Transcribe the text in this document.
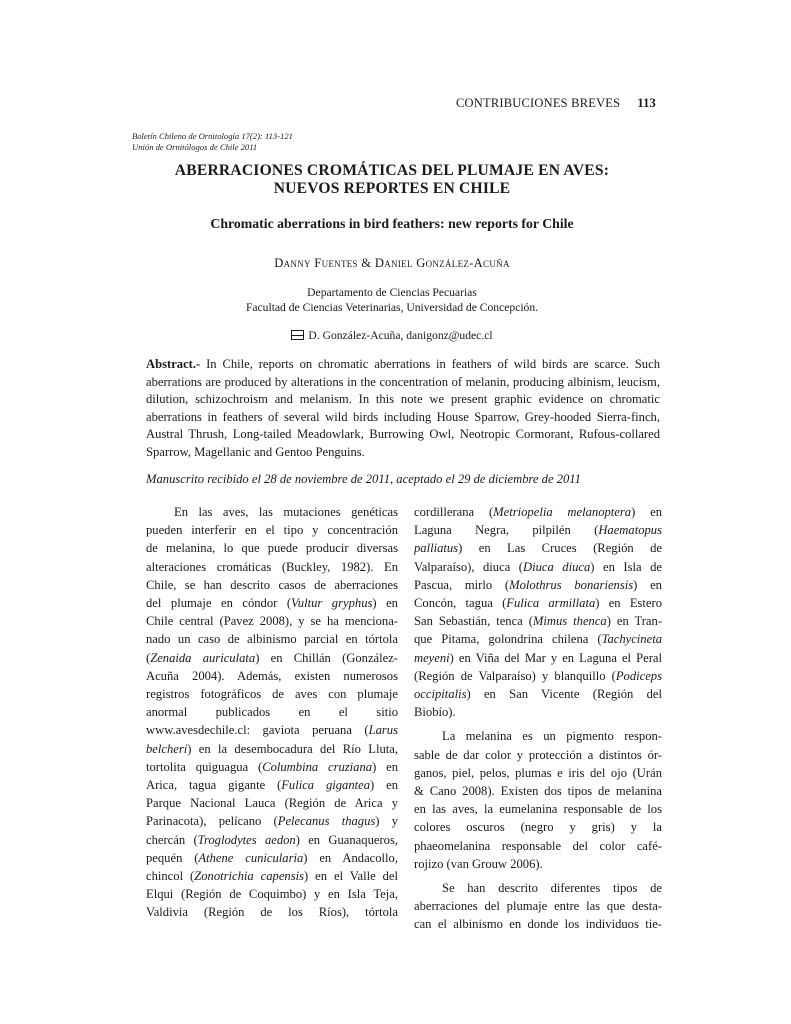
CONTRIBUCIONES BREVES 113
Boletín Chileno de Ornitología 17(2): 113-121
Unión de Ornitólogos de Chile 2011
ABERRACIONES CROMÁTICAS DEL PLUMAJE EN AVES:
NUEVOS REPORTES EN CHILE
Chromatic aberrations in bird feathers: new reports for Chile
Danny Fuentes & Daniel González-Acuña
Departamento de Ciencias Pecuarias
Facultad de Ciencias Veterinarias, Universidad de Concepción.
D. González-Acuña, danigonz@udec.cl
Abstract.- In Chile, reports on chromatic aberrations in feathers of wild birds are scarce. Such aberrations are produced by alterations in the concentration of melanin, producing albinism, leucism, dilution, schizochroism and melanism. In this note we present graphic evidence on chromatic aberrations in feathers of several wild birds including House Sparrow, Grey-hooded Sierra-finch, Austral Thrush, Long-tailed Meadowlark, Burrowing Owl, Neotropic Cormorant, Rufous-collared Sparrow, Magellanic and Gentoo Penguins.
Manuscrito recibido el 28 de noviembre de 2011, aceptado el 29 de diciembre de 2011
En las aves, las mutaciones genéticas
pueden interferir en el tipo y concentración
de melanina, lo que puede producir diversas
alteraciones cromáticas (Buckley, 1982). En
Chile, se han descrito casos de aberraciones
del plumaje en cóndor (Vultur gryphus) en
Chile central (Pavez 2008), y se ha menciona-
nado un caso de albinismo parcial en tórtola
(Zenaida auriculata) en Chillán (González-
Acuña 2004). Además, existen numerosos
registros fotográficos de aves con plumaje
anormal publicados en el sitio
www.avesdechile.cl: gaviota peruana (Larus
belcheri) en la desembocadura del Río Lluta,
tortolita quiguagua (Columbina cruziana) en
Arica, tagua gigante (Fulica gigantea) en
Parque Nacional Lauca (Región de Arica y
Parinacota), pelícano (Pelecanus thagus) y
chercán (Troglodytes aedon) en Guanaqueros,
pequén (Athene cunicularia) en Andacollo,
chincol (Zonotrichia capensis) en el Valle del
Elqui (Región de Coquimbo) y en Isla Teja,
Valdivia (Región de los Ríos), tórtola
cordillerana (Metriopelia melanoptera) en
Laguna Negra, pilpilén (Haematopus
palliatus) en Las Cruces (Región de
Valparaíso), diuca (Diuca diuca) en Isla de
Pascua, mirlo (Molothrus bonariensis) en
Concón, tagua (Fulica armillata) en Estero
San Sebastián, tenca (Mimus thenca) en Tran-
que Pitama, golondrina chilena (Tachycineta
meyeni) en Viña del Mar y en Laguna el Peral
(Región de Valparaíso) y blanquillo (Podiceps
occipitalis) en San Vicente (Región del
Biobío).
La melanina es un pigmento respon-
sable de dar color y protección a distintos ór-
ganos, piel, pelos, plumas e iris del ojo (Urán
& Cano 2008). Existen dos tipos de melanina
en las aves, la eumelanina responsable de los
colores oscuros (negro y gris) y la
phaeomelanina responsable del color café-
rojizo (van Grouw 2006).
Se han descrito diferentes tipos de
aberraciones del plumaje entre las que desta-
can el albinismo en donde los individuos tie-
